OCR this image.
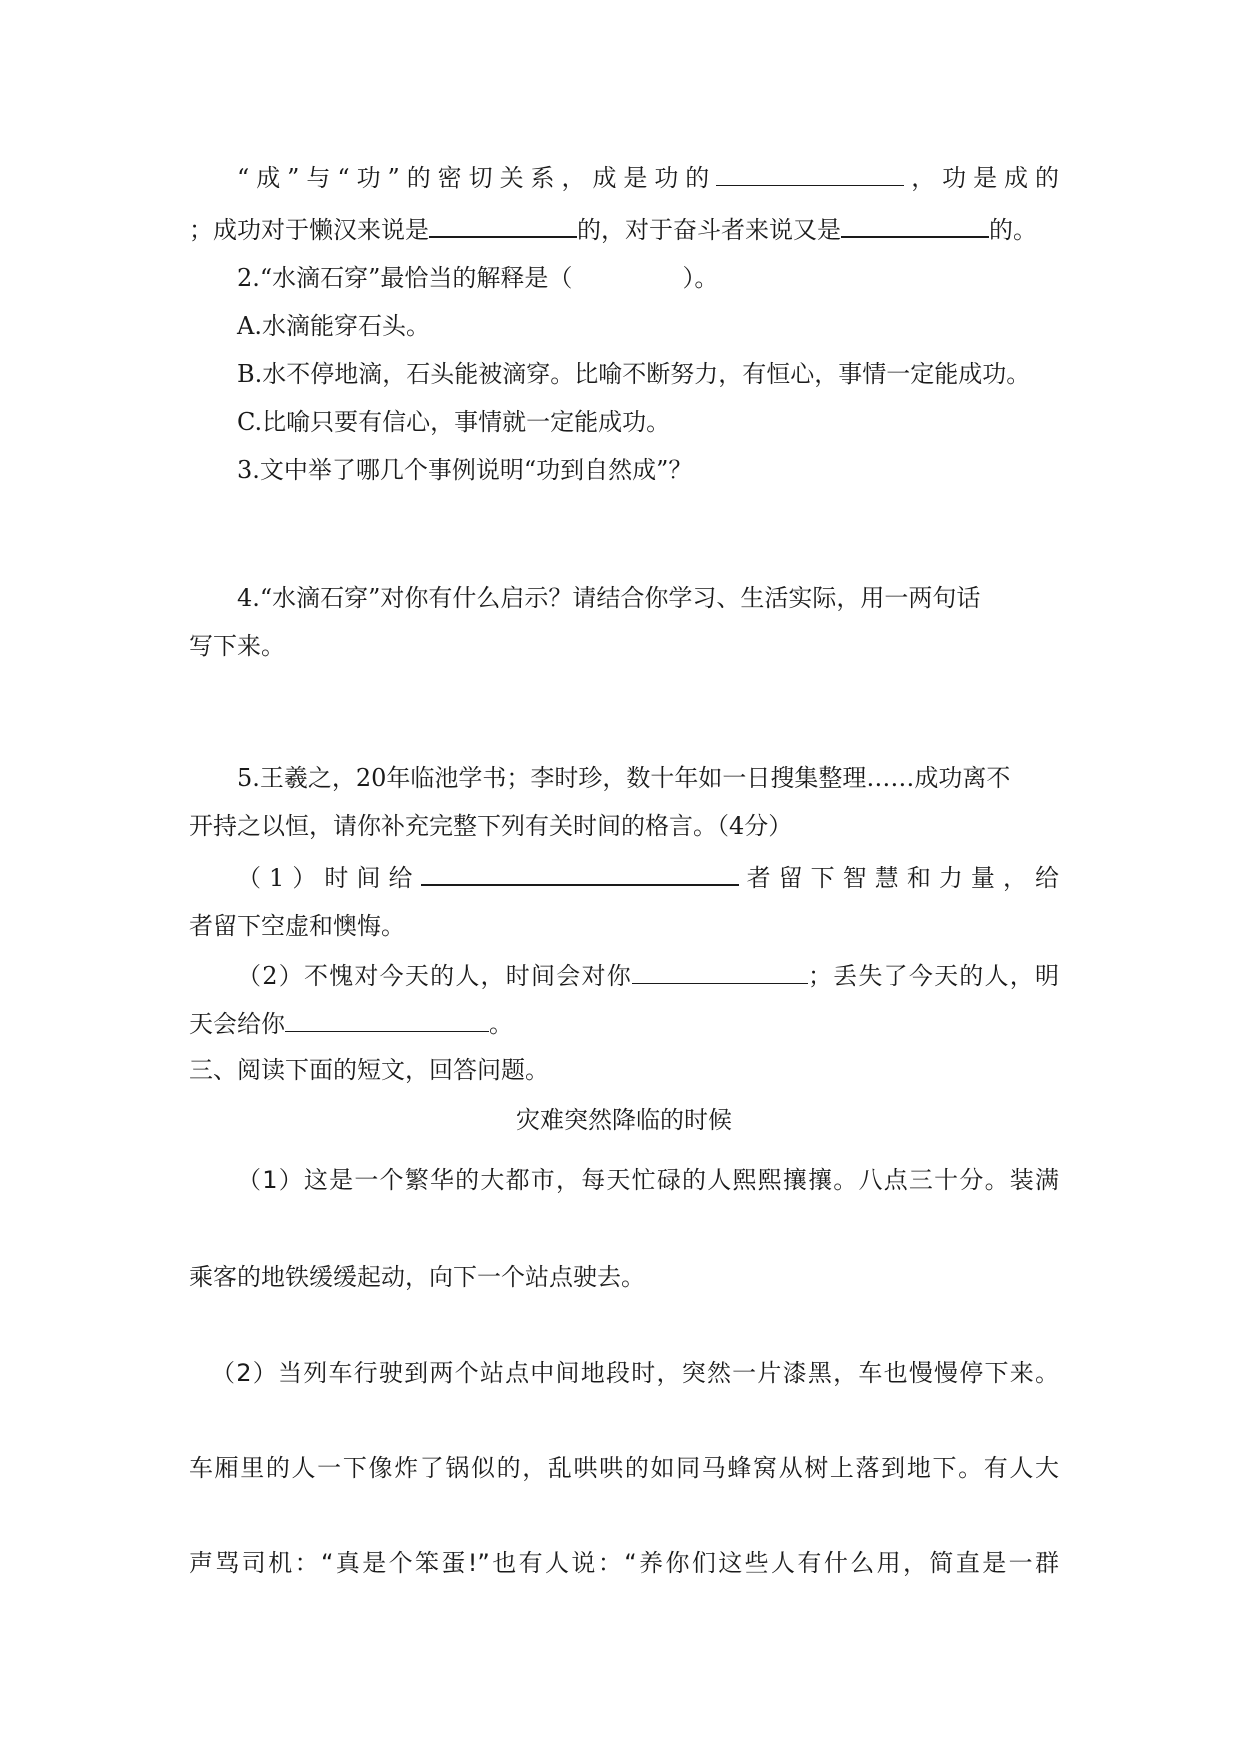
“成”与“功”的密切关系，成是功的	，功是成的
；成功对于懒汉来说是	的，对于奋斗者来说又是	的。
2.“水滴石穿”最恰当的解释是（	）。
A.水滴能穿石头。
B.水不停地滴，石头能被滴穿。比喻不断努力，有恒心，事情一定能成功。
C.比喻只要有信心，事情就一定能成功。
3.文中举了哪几个事例说明“功到自然成”？
4.“水滴石穿”对你有什么启示？请结合你学习、生活实际，用一两句话
写下来。
5.王羲之，20年临池学书；李时珍，数十年如一日搜集整理……成功离不
开持之以恒，请你补充完整下列有关时间的格言。（4分）
（1）时间给	者留下智慧和力量，给
者留下空虚和懊悔。
（2）不愧对今天的人，时间会对你	；丢失了今天的人，明
天会给你	。
三、阅读下面的短文，回答问题。
灾难突然降临的时候
（1）这是一个繁华的大都市，每天忙碌的人熙熙攘攘。八点三十分。装满
乘客的地铁缓缓起动，向下一个站点驶去。
（2）当列车行驶到两个站点中间地段时，突然一片漆黑，车也慢慢停下来。
车厢里的人一下像炸了锅似的，乱哄哄的如同马蜂窝从树上落到地下。有人大
声骂司机：“真是个笨蛋!”也有人说：“养你们这些人有什么用，简直是一群
